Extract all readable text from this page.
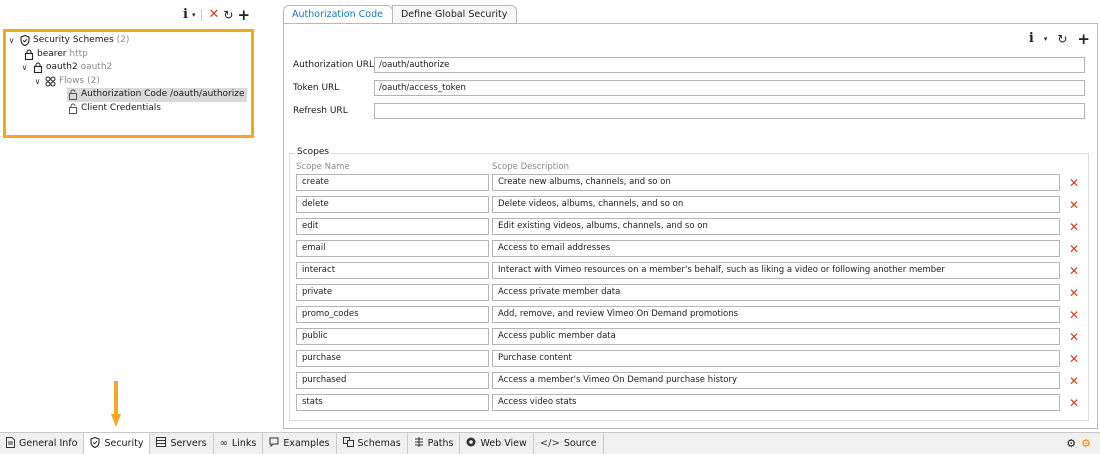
i ▾ ✕ ↻ +
∨ Security Schemes
(2)
bearer
http
∨ oauth2
oauth2
∨ Flows (2)
Authorization Code /oauth/authorize
Client Credentials
Authorization Code	Define Global Security
i ▾ ↻ +
Authorization URL /oauth/authorize
Token URL	/oauth/access_token
Refresh URL
Scopes
Scope Name	Scope Description
create	Create new albums, channels, and so on	✕
delete	Delete videos, albums, channels, and so on	✕
edit	Edit existing videos, albums, channels, and so on	✕
email	Access to email addresses	✕
interact	Interact with Vimeo resources on a member's behalf, such as liking a video or following another member	✕
private	Access private member data	✕
promo_codes	Add, remove, and review Vimeo On Demand promotions	✕
public	Access public member data	✕
purchase	Purchase content	✕
purchased	Access a member's Vimeo On Demand purchase history	✕
stats	Access video stats	✕
General Info	Security	Servers ∞ Links	Examples	Schemas	Paths	Web View </> Source	⚙ ⚙
